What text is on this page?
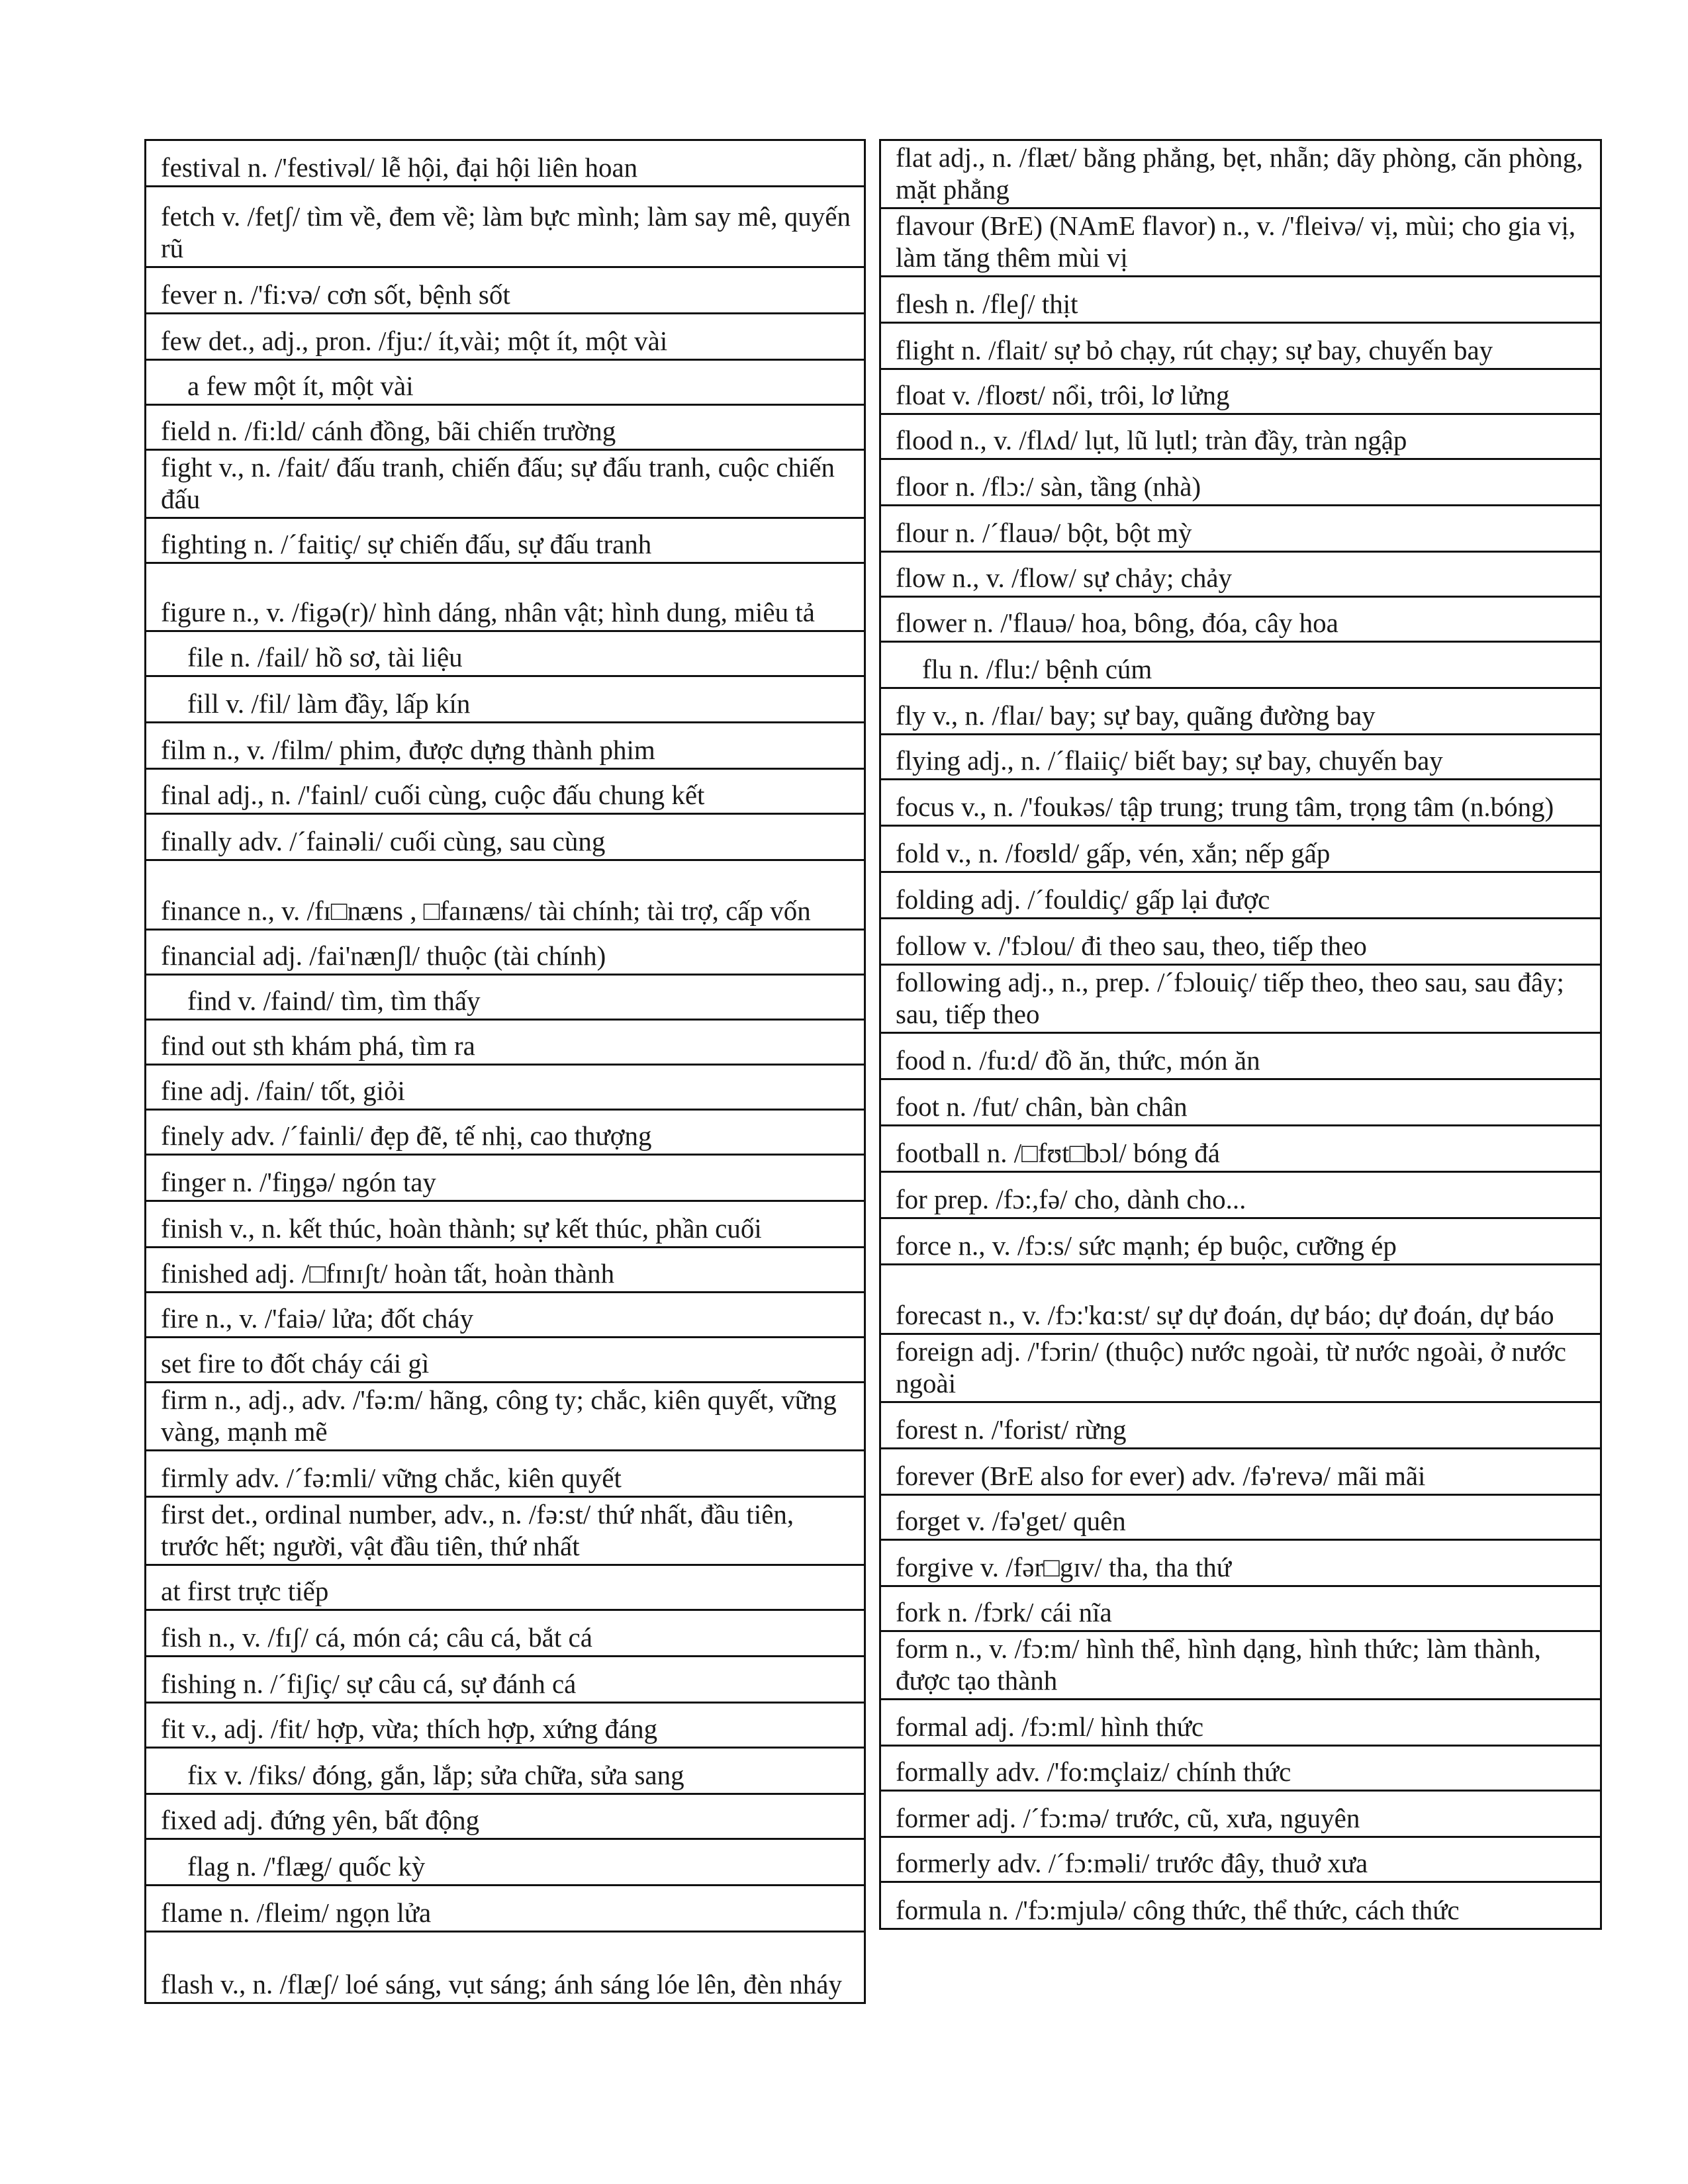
festival n. /'festivəl/ lễ hội, đại hội liên hoan
fetch v. /fetʃ/ tìm về, đem về; làm bực mình; làm say mê, quyến rũ
fever n. /'fi:və/ cơn sốt, bệnh sốt
few det., adj., pron. /fju:/ ít,vài; một ít, một vài
a few một ít, một vài
field n. /fi:ld/ cánh đồng, bãi chiến trường
fight v., n. /fait/ đấu tranh, chiến đấu; sự đấu tranh, cuộc chiến đấu
fighting n. /´faitiç/ sự chiến đấu, sự đấu tranh
figure n., v. /figə(r)/ hình dáng, nhân vật; hình dung, miêu tả
file n. /fail/ hồ sơ, tài liệu
fill v. /fil/ làm đầy, lấp kín
film n., v. /film/ phim, được dựng thành phim
final adj., n. /'fainl/ cuối cùng, cuộc đấu chung kết
finally adv. /´fainəli/ cuối cùng, sau cùng
finance n., v. /fɪ□næns , □faɪnæns/ tài chính; tài trợ, cấp vốn
financial adj. /fai'nænʃl/ thuộc (tài chính)
find v. /faind/ tìm, tìm thấy
find out sth khám phá, tìm ra
fine adj. /fain/ tốt, giỏi
finely adv. /´fainli/ đẹp đẽ, tế nhị, cao thượng
finger n. /'fiŋgə/ ngón tay
finish v., n. kết thúc, hoàn thành; sự kết thúc, phần cuối
finished adj. /□fɪnɪʃt/ hoàn tất, hoàn thành
fire n., v. /'faiə/ lửa; đốt cháy
set fire to đốt cháy cái gì
firm n., adj., adv. /'fə:m/ hãng, công ty; chắc, kiên quyết, vững vàng, mạnh mẽ
firmly adv. /´fə:mli/ vững chắc, kiên quyết
first det., ordinal number, adv., n. /fə:st/ thứ nhất, đầu tiên, trước hết; người, vật đầu tiên, thứ nhất
at first trực tiếp
fish n., v. /fɪʃ/ cá, món cá; câu cá, bắt cá
fishing n. /´fiʃiç/ sự câu cá, sự đánh cá
fit v., adj. /fit/ hợp, vừa; thích hợp, xứng đáng
fix v. /fiks/ đóng, gắn, lắp; sửa chữa, sửa sang
fixed adj. đứng yên, bất động
flag n. /'flæg/ quốc kỳ
flame n. /fleim/ ngọn lửa
flash v., n. /flæʃ/ loé sáng, vụt sáng; ánh sáng lóe lên, đèn nháy
flat adj., n. /flæt/ bằng phẳng, bẹt, nhẵn; dãy phòng, căn phòng, mặt phẳng
flavour (BrE) (NAmE flavor) n., v. /'fleivə/ vị, mùi; cho gia vị, làm tăng thêm mùi vị
flesh n. /fleʃ/ thịt
flight n. /flait/ sự bỏ chạy, rút chạy; sự bay, chuyến bay
float v. /floʊt/ nổi, trôi, lơ lửng
flood n., v. /flʌd/ lụt, lũ lụtl; tràn đầy, tràn ngập
floor n. /flɔ:/ sàn, tầng (nhà)
flour n. /´flauə/ bột, bột mỳ
flow n., v. /flow/ sự chảy; chảy
flower n. /'flauə/ hoa, bông, đóa, cây hoa
flu n. /flu:/ bệnh cúm
fly v., n. /flaɪ/ bay; sự bay, quãng đường bay
flying adj., n. /´flaiiç/ biết bay; sự bay, chuyến bay
focus v., n. /'foukəs/ tập trung; trung tâm, trọng tâm (n.bóng)
fold v., n. /foʊld/ gấp, vén, xắn; nếp gấp
folding adj. /´fouldiç/ gấp lại được
follow v. /'fɔlou/ đi theo sau, theo, tiếp theo
following adj., n., prep. /´fɔlouiç/ tiếp theo, theo sau, sau đây; sau, tiếp theo
food n. /fu:d/ đồ ăn, thức, món ăn
foot n. /fut/ chân, bàn chân
football n. /□fʊt□bɔl/ bóng đá
for prep. /fɔ:,fə/ cho, dành cho...
force n., v. /fɔ:s/ sức mạnh; ép buộc, cưỡng ép
forecast n., v. /fɔ:'kɑ:st/ sự dự đoán, dự báo; dự đoán, dự báo
foreign adj. /'fɔrin/ (thuộc) nước ngoài, từ nước ngoài, ở nước ngoài
forest n. /'forist/ rừng
forever (BrE also for ever) adv. /fə'revə/ mãi mãi
forget v. /fə'get/ quên
forgive v. /fər□gɪv/ tha, tha thứ
fork n. /fɔrk/ cái nĩa
form n., v. /fɔ:m/ hình thể, hình dạng, hình thức; làm thành, được tạo thành
formal adj. /fɔ:ml/ hình thức
formally adv. /'fo:mçlaiz/ chính thức
former adj. /´fɔ:mə/ trước, cũ, xưa, nguyên
formerly adv. /´fɔ:məli/ trước đây, thuở xưa
formula n. /'fɔ:mjulə/ công thức, thể thức, cách thức
